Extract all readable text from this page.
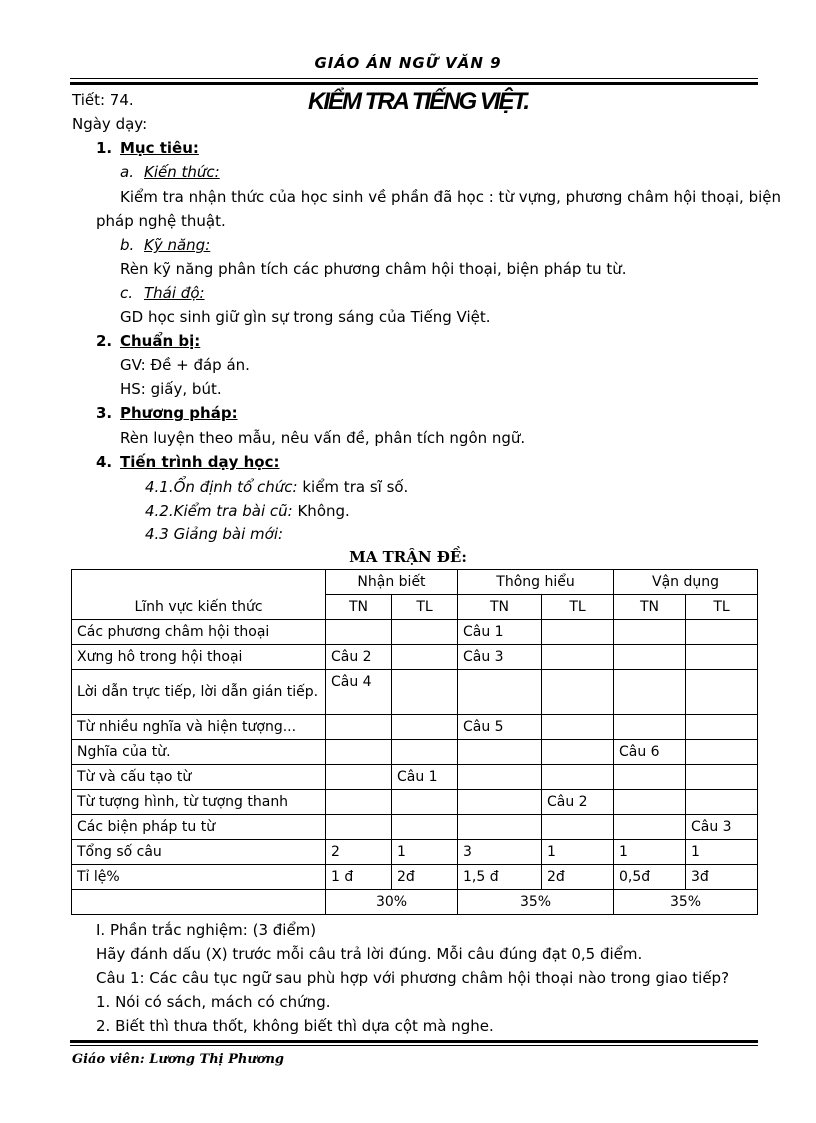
GIÁO ÁN NGỮ VĂN 9
Tiết: 74.	KIỂM TRA TIẾNG VIỆT.
Ngày dạy:
1. Mục tiêu:
a. Kiến thức:
Kiểm tra nhận thức của học sinh về phần đã học : từ vựng, phương châm hội thoại, biện
pháp nghệ thuật.
b. Kỹ năng:
Rèn kỹ năng phân tích các phương châm hội thoại, biện pháp tu từ.
c. Thái độ:
GD học sinh giữ gìn sự trong sáng của Tiếng Việt.
2. Chuẩn bị:
GV: Đề + đáp án.
HS: giấy, bút.
3. Phương pháp:
Rèn luyện theo mẫu, nêu vấn đề, phân tích ngôn ngữ.
4. Tiến trình dạy học:
4.1.Ổn định tổ chức: kiểm tra sĩ số.
4.2.Kiểm tra bài cũ: Không.
4.3 Giảng bài mới:
MA TRẬN ĐỀ:
Lĩnh vực kiến thức	Nhận biết		Thông hiểu		Vận dụng	
	TN	TL	TN	TL	TN	TL
Các phương châm hội thoại			Câu 1			
Xưng hô trong hội thoại	Câu 2		Câu 3			
Lời dẫn trực tiếp, lời dẫn gián tiếp.	Câu 4					
Từ nhiều nghĩa và hiện tượng...			Câu 5			
Nghĩa của từ.					Câu 6	
Từ và cấu tạo từ		Câu 1				
Từ tượng hình, từ tượng thanh				Câu 2		
Các biện pháp tu từ						Câu 3
Tổng số câu	2	1	3	1	1	1
Tỉ lệ%	1 đ	2đ	1,5 đ	2đ	0,5đ	3đ
	30%		35%		35%	
I. Phần trắc nghiệm: (3 điểm)
Hãy đánh dấu (X) trước mỗi câu trả lời đúng. Mỗi câu đúng đạt 0,5 điểm.
Câu 1: Các câu tục ngữ sau phù hợp với phương châm hội thoại nào trong giao tiếp?
1. Nói có sách, mách có chứng.
2. Biết thì thưa thốt, không biết thì dựa cột mà nghe.
Giáo viên: Lương Thị Phương
